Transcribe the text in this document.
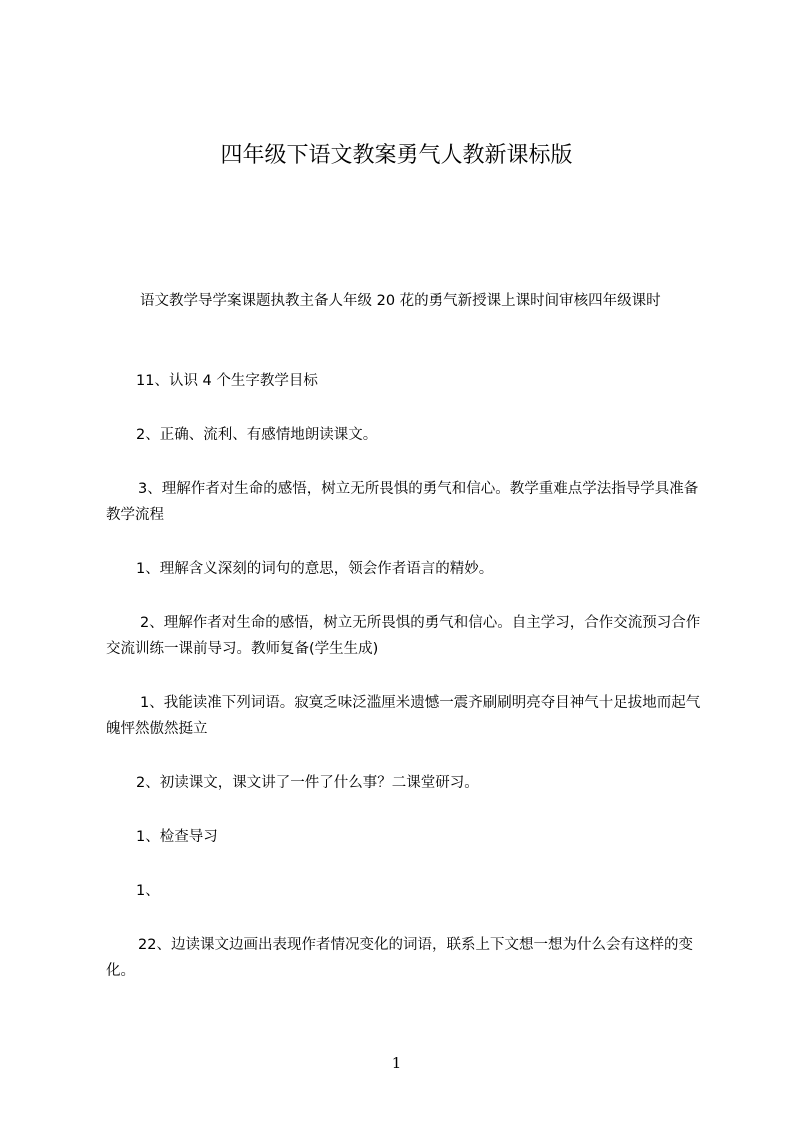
四年级下语文教案勇气人教新课标版

语文教学导学案课题执教主备人年级 20 花的勇气新授课上课时间审核四年级课时

11、认识 4 个生字教学目标

2、正确、流利、有感情地朗读课文。

3、理解作者对生命的感悟，树立无所畏惧的勇气和信心。教学重难点学法指导学具准备教学流程

1、理解含义深刻的词句的意思，领会作者语言的精妙。

2、理解作者对生命的感悟，树立无所畏惧的勇气和信心。自主学习，合作交流预习合作交流训练一课前导习。教师复备(学生生成)

1、我能读准下列词语。寂寞乏味泛滥厘米遗憾一震齐刷刷明亮夺目神气十足拔地而起气魄怦然傲然挺立

2、初读课文，课文讲了一件了什么事？二课堂研习。

1、检查导习

1、

22、边读课文边画出表现作者情况变化的词语，联系上下文想一想为什么会有这样的变化。

1
